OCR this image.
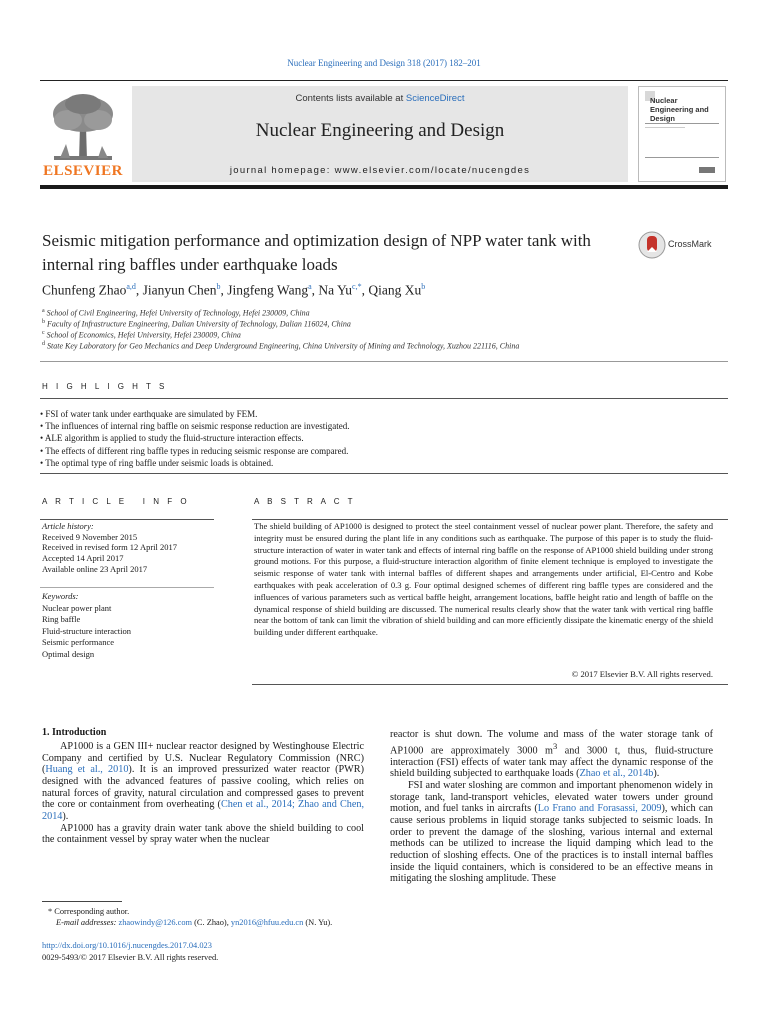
Nuclear Engineering and Design 318 (2017) 182–201
ELSEVIER
Contents lists available at ScienceDirect
Nuclear Engineering and Design
journal homepage: www.elsevier.com/locate/nucengdes
Nuclear Engineering and Design
Seismic mitigation performance and optimization design of NPP water tank with internal ring baffles under earthquake loads
CrossMark
Chunfeng Zhao$^{a,d}$, Jianyun Chen$^b$, Jingfeng Wang$^a$, Na $Yu^{c,*}$, Qiang Xu$^b$
$^a$ School of Civil Engineering, Hefei University of Technology, Hefei 230009, China
$^b$ Faculty of Infrastructure Engineering, Dalian University of Technology, Dalian 116024, China
$^c$ School of Economics, Hefei University, Hefei 230009, China
$^d$ State Key Laboratory for Geo Mechanics and Deep Underground Engineering, China University of Mining and Technology, Xuzhou 221116, China
H I G H L I G H T S
• FSI of water tank under earthquake are simulated by FEM.
• The influences of internal ring baffle on seismic response reduction are investigated.
• ALE algorithm is applied to study the fluid-structure interaction effects.
• The effects of different ring baffle types in reducing seismic response are compared.
• The optimal type of ring baffle under seismic loads is obtained.
A R T I C L E   I N F O
Article history:
Received 9 November 2015
Received in revised form 12 April 2017
Accepted 14 April 2017
Available online 23 April 2017
Keywords:
Nuclear power plant
Ring baffle
Fluid-structure interaction
Seismic performance
Optimal design
A B S T R A C T
The shield building of AP1000 is designed to protect the steel containment vessel of nuclear power plant. Therefore, the safety and integrity must be ensured during the plant life in any conditions such as earthquake. The purpose of this paper is to study the fluid-structure interaction of water in water tank and effects of internal ring baffle on the response of AP1000 shield building under strong ground motions. For this purpose, a fluid-structure interaction algorithm of finite element technique is employed to investigate the seismic response of water tank with internal baffles of different shapes and arrangements under artificial, El-Centro and Kobe earthquakes with peak acceleration of 0.3 g. Four optimal designed schemes of different ring baffle types are considered and the influences of various parameters such as vertical baffle height, arrangement locations, baffle height ratio and length of baffle on the dynamical response of shield building are discussed. The numerical results clearly show that the water tank with vertical ring baffle near the bottom of tank can limit the vibration of shield building and can more efficiently dissipate the kinematic energy of the shield building under different earthquake.
© 2017 Elsevier B.V. All rights reserved.
1. Introduction

AP1000 is a GEN III+ nuclear reactor designed by Westinghouse Electric Company and certified by U.S. Nuclear Regulatory Commission (NRC) (Huang et al., 2010). It is an improved pressurized water reactor (PWR) designed with the advanced features of passive cooling, which relies on natural forces of gravity, natural circulation and compressed gases to prevent the core or containment from overheating (Chen et al., 2014; Zhao and Chen, 2014).

AP1000 has a gravity drain water tank above the shield building to cool the containment vessel by spray water when the nuclear

reactor is shut down. The volume and mass of the water storage tank of AP1000 are approximately 3000 $m^3$ and 3000 t, thus, fluid-structure interaction (FSI) effects of water tank may affect the dynamic response of the shield building subjected to earthquake loads (Zhao et al., 2014b).

FSI and water sloshing are common and important phenomenon widely in storage tank, land-transport vehicles, elevated water towers under ground motion, and fuel tanks in aircrafts (Lo Frano and Forasassi, 2009), which can cause serious problems in liquid storage tanks subjected to seismic loads. In order to prevent the damage of the sloshing, various internal and external methods can be utilized to increase the liquid damping which lead to the reduction of sloshing effects. One of the practices is to install internal baffles inside the liquid containers, which is considered to be an effective means in mitigating the sloshing amplitude. These

* Corresponding author.
E-mail addresses: zhaowindy@126.com (C. Zhao), yn2016@hfuu.edu.cn (N. Yu).
http://dx.doi.org/10.1016/j.nucengdes.2017.04.023
0029-5493/© 2017 Elsevier B.V. All rights reserved.
